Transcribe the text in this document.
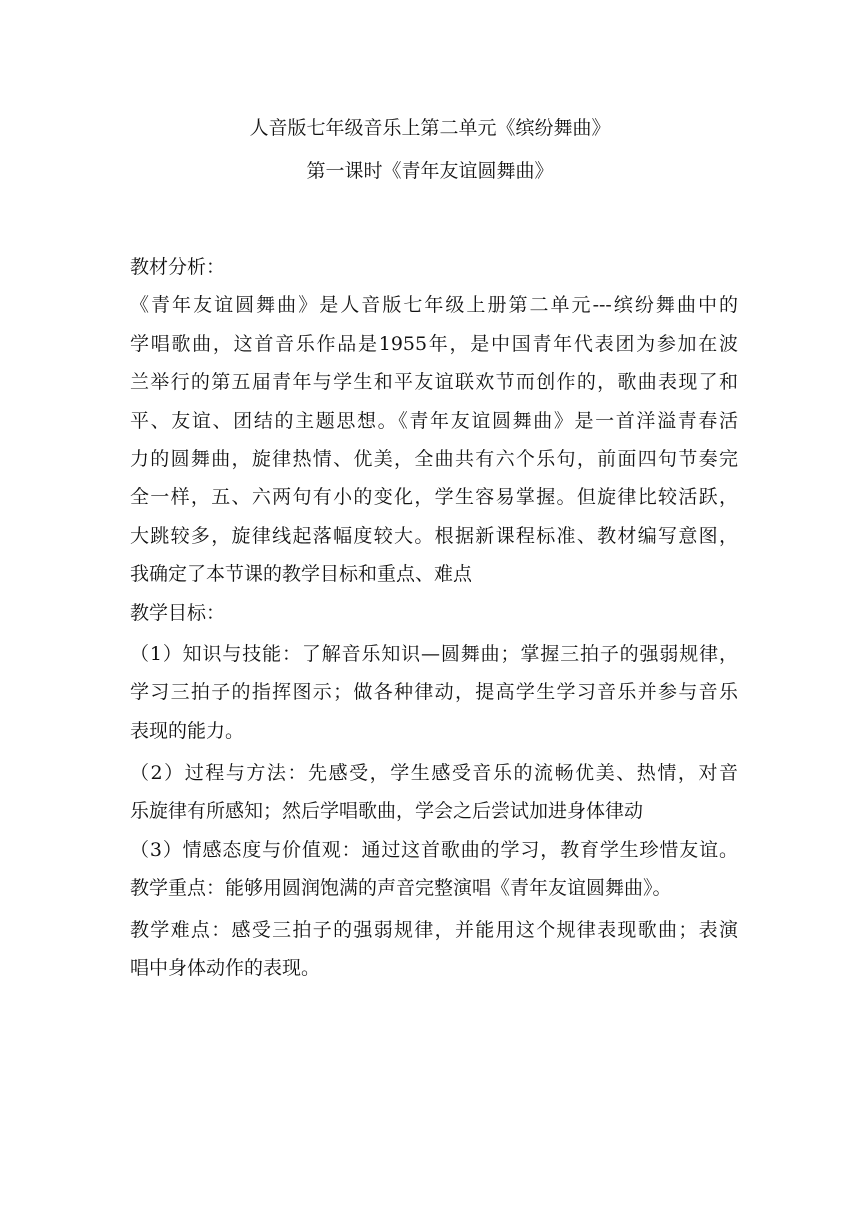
人音版七年级音乐上第二单元《缤纷舞曲》
第一课时《青年友谊圆舞曲》
教材分析：
《青年友谊圆舞曲》是人音版七年级上册第二单元---缤纷舞曲中的
学唱歌曲，这首音乐作品是1955年，是中国青年代表团为参加在波
兰举行的第五届青年与学生和平友谊联欢节而创作的，歌曲表现了和
平、友谊、团结的主题思想。《青年友谊圆舞曲》是一首洋溢青春活
力的圆舞曲，旋律热情、优美，全曲共有六个乐句，前面四句节奏完
全一样，五、六两句有小的变化，学生容易掌握。但旋律比较活跃，
大跳较多，旋律线起落幅度较大。根据新课程标准、教材编写意图，
我确定了本节课的教学目标和重点、难点
教学目标：
（1）知识与技能：了解音乐知识—圆舞曲；掌握三拍子的强弱规律，
学习三拍子的指挥图示；做各种律动，提高学生学习音乐并参与音乐
表现的能力。
（2）过程与方法：先感受，学生感受音乐的流畅优美、热情，对音
乐旋律有所感知；然后学唱歌曲，学会之后尝试加进身体律动
（3）情感态度与价值观：通过这首歌曲的学习，教育学生珍惜友谊。
教学重点：能够用圆润饱满的声音完整演唱《青年友谊圆舞曲》。
教学难点：感受三拍子的强弱规律，并能用这个规律表现歌曲；表演
唱中身体动作的表现。
